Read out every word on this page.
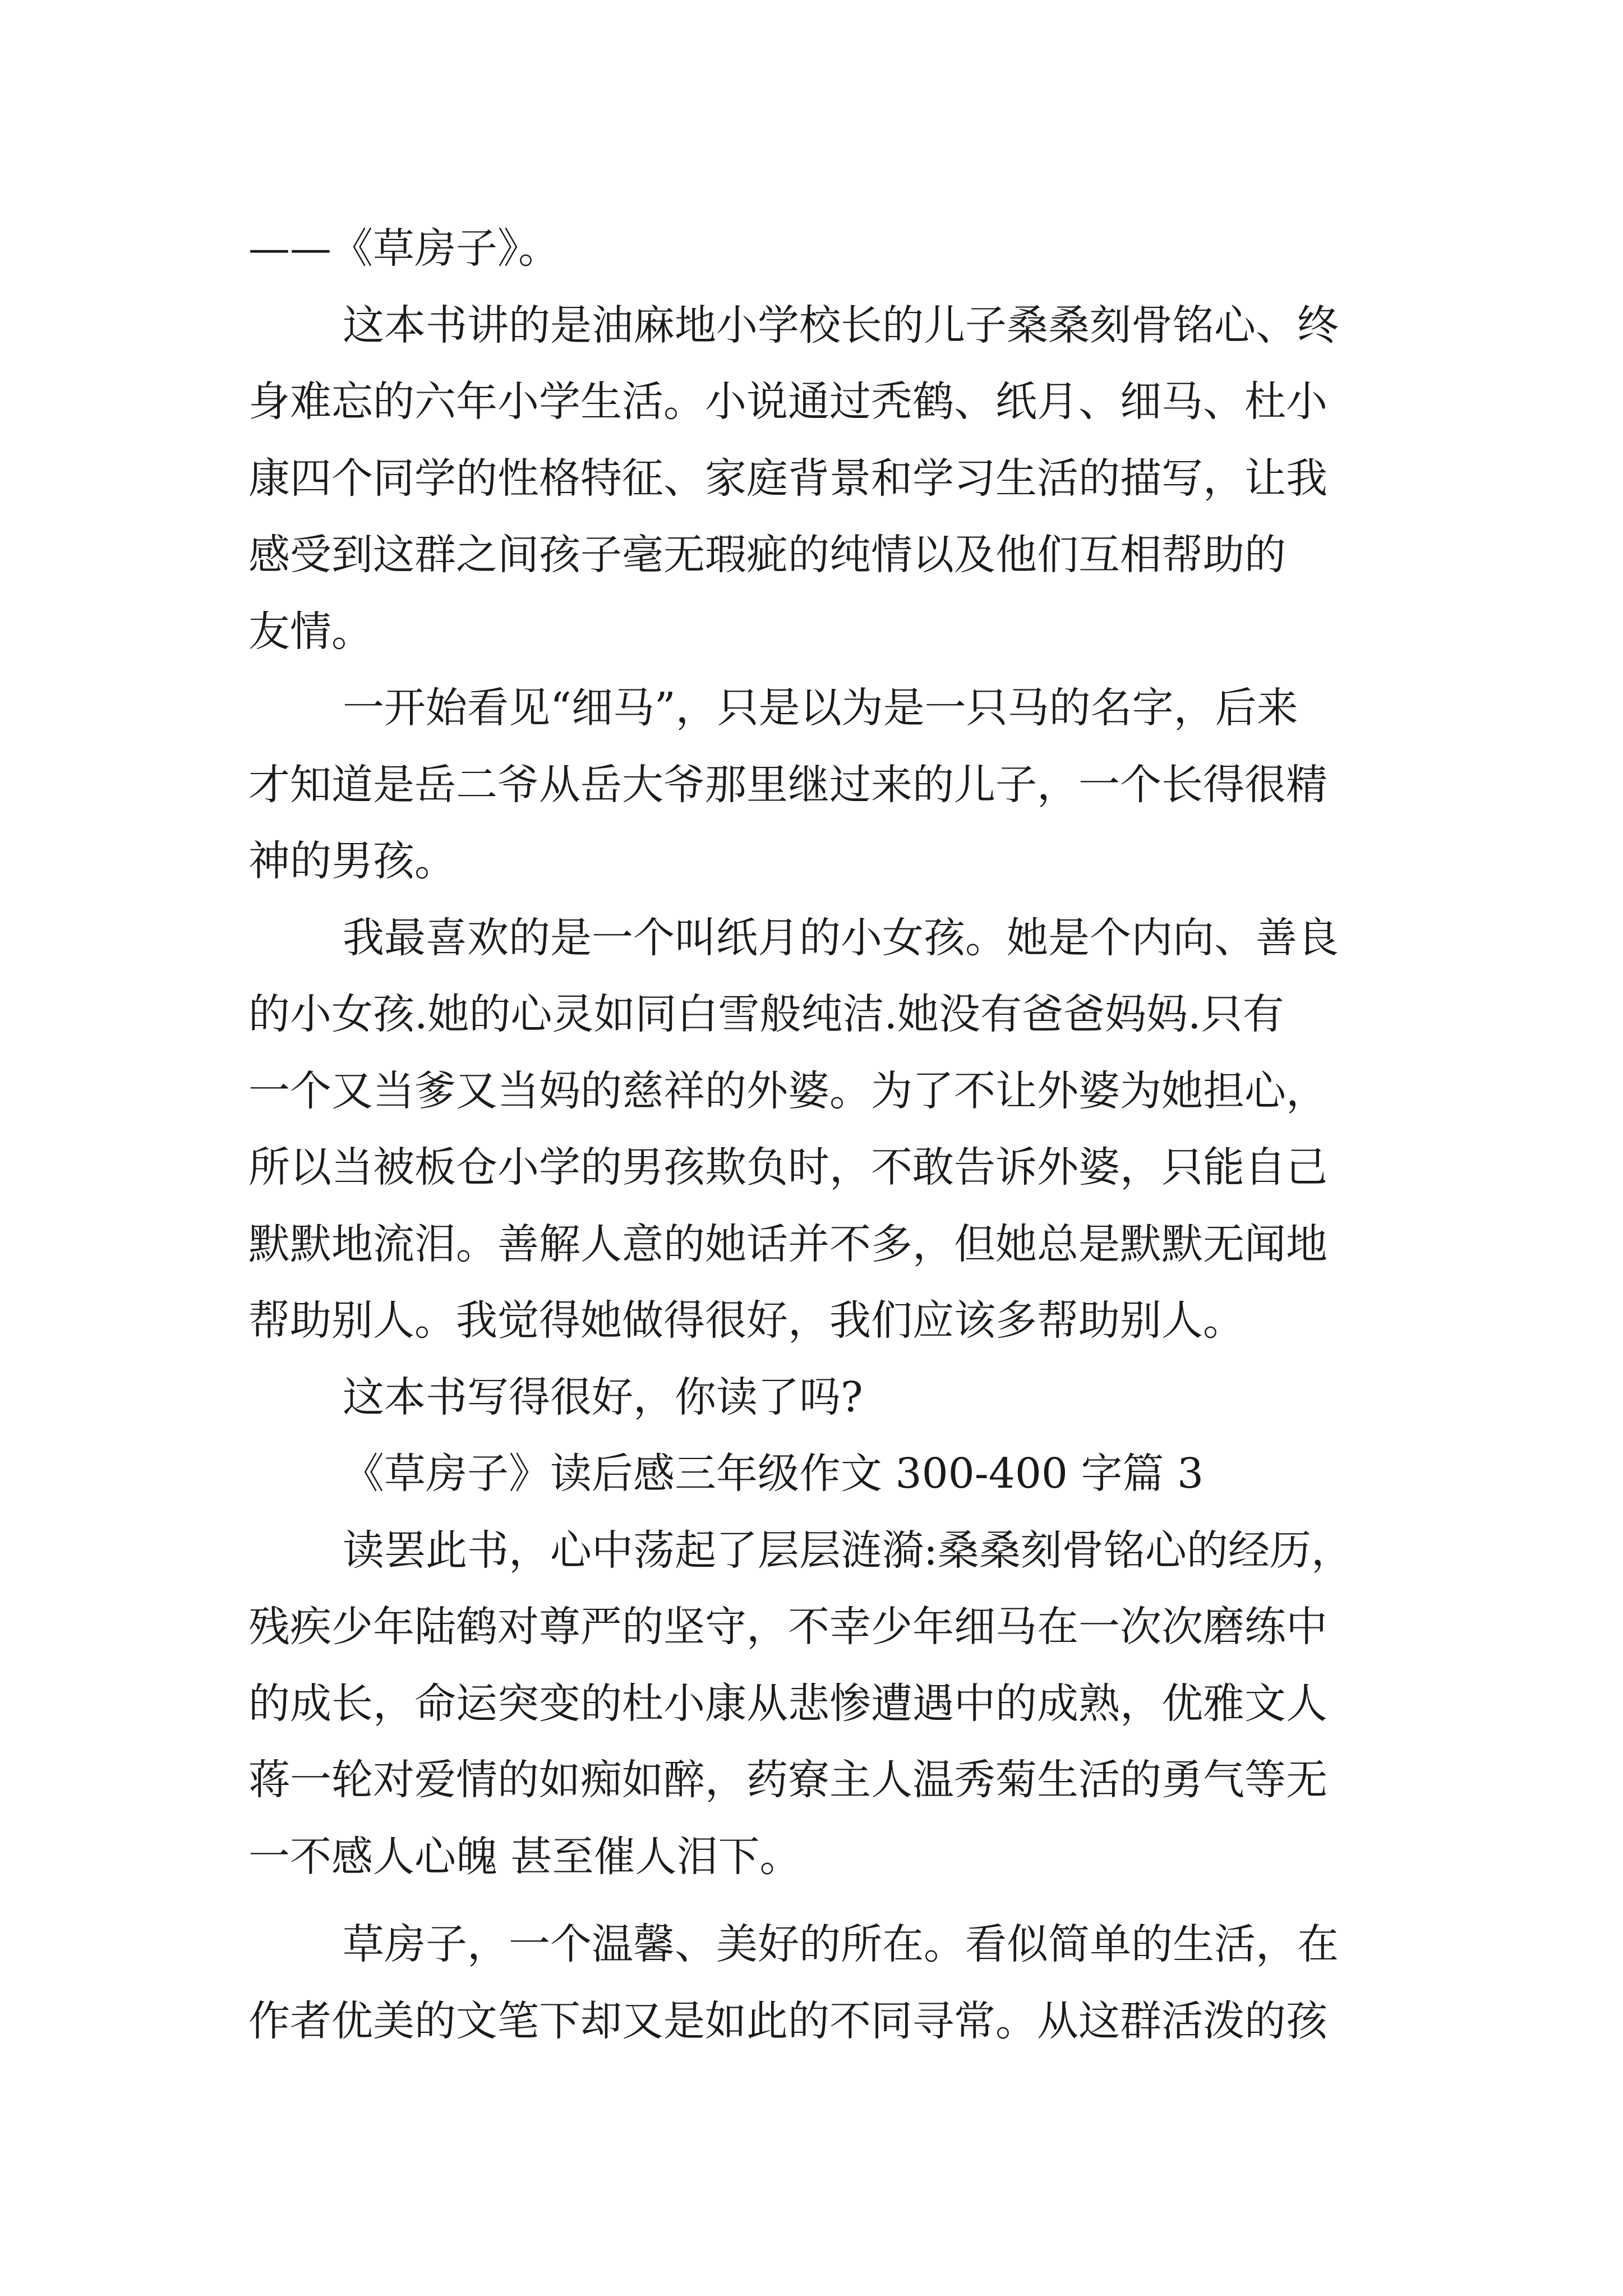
——《草房子》。
这本书讲的是油麻地小学校长的儿子桑桑刻骨铭心、终
身难忘的六年小学生活。小说通过秃鹤、纸月、细马、杜小
康四个同学的性格特征、家庭背景和学习生活的描写，让我
感受到这群之间孩子毫无瑕疵的纯情以及他们互相帮助的
友情。
一开始看见“细马”，只是以为是一只马的名字，后来
才知道是岳二爷从岳大爷那里继过来的儿子，一个长得很精
神的男孩。
我最喜欢的是一个叫纸月的小女孩。她是个内向、善良
的小女孩.她的心灵如同白雪般纯洁.她没有爸爸妈妈.只有
一个又当爹又当妈的慈祥的外婆。为了不让外婆为她担心，
所以当被板仓小学的男孩欺负时，不敢告诉外婆，只能自己
默默地流泪。善解人意的她话并不多，但她总是默默无闻地
帮助别人。我觉得她做得很好，我们应该多帮助别人。
这本书写得很好，你读了吗?
《草房子》读后感三年级作文 300-400 字篇 3
读罢此书，心中荡起了层层涟漪:桑桑刻骨铭心的经历，
残疾少年陆鹤对尊严的坚守，不幸少年细马在一次次磨练中
的成长，命运突变的杜小康从悲惨遭遇中的成熟，优雅文人
蒋一轮对爱情的如痴如醉，药寮主人温秀菊生活的勇气等无
一不感人心魄 甚至催人泪下。
草房子，一个温馨、美好的所在。看似简单的生活，在
作者优美的文笔下却又是如此的不同寻常。从这群活泼的孩
